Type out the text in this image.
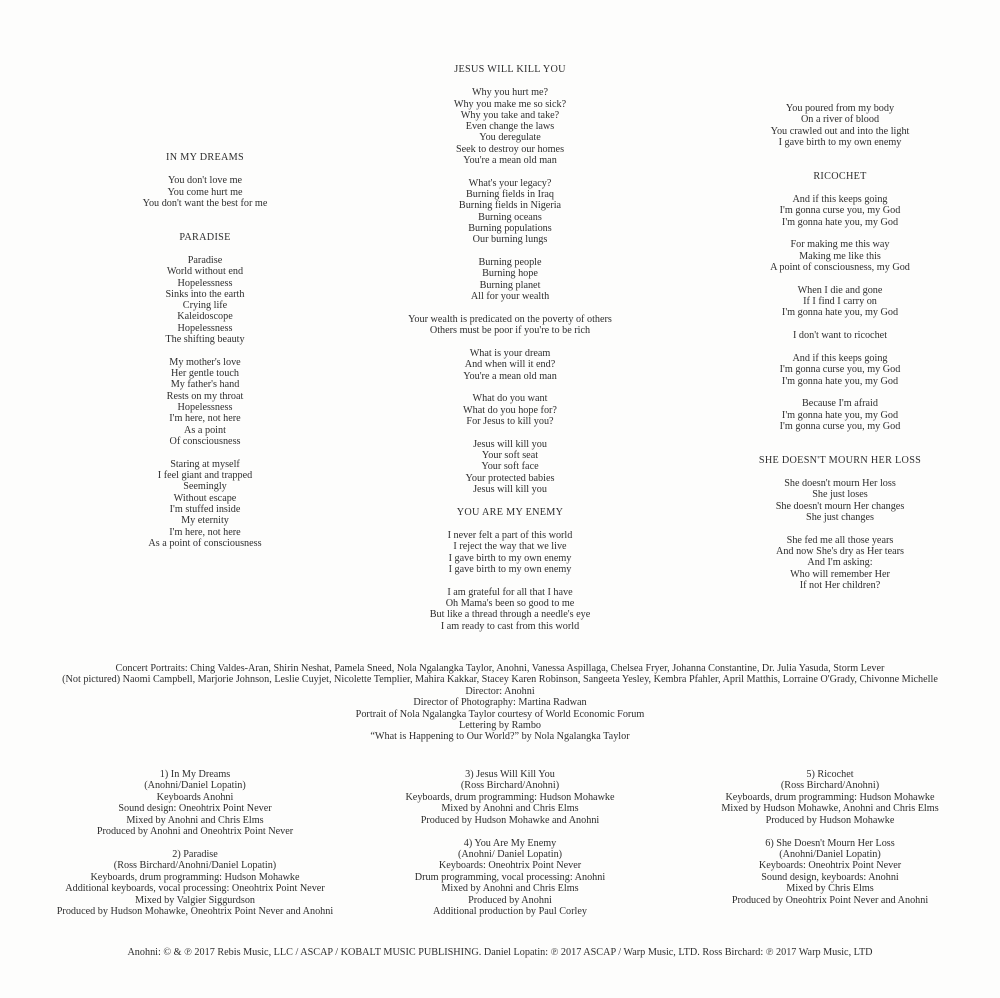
IN MY DREAMS
You don't love me
You come hurt me
You don't want the best for me
PARADISE
Paradise
World without end
Hopelessness
Sinks into the earth
Crying life
Kaleidoscope
Hopelessness
The shifting beauty
My mother's love
Her gentle touch
My father's hand
Rests on my throat
Hopelessness
I'm here, not here
As a point
Of consciousness
Staring at myself
I feel giant and trapped
Seemingly
Without escape
I'm stuffed inside
My eternity
I'm here, not here
As a point of consciousness
JESUS WILL KILL YOU
Why you hurt me?
Why you make me so sick?
Why you take and take?
Even change the laws
You deregulate
Seek to destroy our homes
You're a mean old man
What's your legacy?
Burning fields in Iraq
Burning fields in Nigeria
Burning oceans
Burning populations
Our burning lungs
Burning people
Burning hope
Burning planet
All for your wealth
Your wealth is predicated on the poverty of others
Others must be poor if you're to be rich
What is your dream
And when will it end?
You're a mean old man
What do you want
What do you hope for?
For Jesus to kill you?
Jesus will kill you
Your soft seat
Your soft face
Your protected babies
Jesus will kill you
YOU ARE MY ENEMY
I never felt a part of this world
I reject the way that we live
I gave birth to my own enemy
I gave birth to my own enemy
I am grateful for all that I have
Oh Mama's been so good to me
But like a thread through a needle's eye
I am ready to cast from this world
You poured from my body
On a river of blood
You crawled out and into the light
I gave birth to my own enemy
RICOCHET
And if this keeps going
I'm gonna curse you, my God
I'm gonna hate you, my God
For making me this way
Making me like this
A point of consciousness, my God
When I die and gone
If I find I carry on
I'm gonna hate you, my God
I don't want to ricochet
And if this keeps going
I'm gonna curse you, my God
I'm gonna hate you, my God
Because I'm afraid
I'm gonna hate you, my God
I'm gonna curse you, my God
SHE DOESN'T MOURN HER LOSS
She doesn't mourn Her loss
She just loses
She doesn't mourn Her changes
She just changes
She fed me all those years
And now She's dry as Her tears
And I'm asking:
Who will remember Her
If not Her children?
Concert Portraits: Ching Valdes-Aran, Shirin Neshat, Pamela Sneed, Nola Ngalangka Taylor, Anohni, Vanessa Aspillaga, Chelsea Fryer, Johanna Constantine, Dr. Julia Yasuda, Storm Lever
(Not pictured) Naomi Campbell, Marjorie Johnson, Leslie Cuyjet, Nicolette Templier, Mahira Kakkar, Stacey Karen Robinson, Sangeeta Yesley, Kembra Pfahler, April Matthis, Lorraine O'Grady, Chivonne Michelle
Director: Anohni
Director of Photography: Martina Radwan
Portrait of Nola Ngalangka Taylor courtesy of World Economic Forum
Lettering by Rambo
“What is Happening to Our World?” by Nola Ngalangka Taylor
1) In My Dreams
(Anohni/Daniel Lopatin)
Keyboards Anohni
Sound design: Oneohtrix Point Never
Mixed by Anohni and Chris Elms
Produced by Anohni and Oneohtrix Point Never
2) Paradise
(Ross Birchard/Anohni/Daniel Lopatin)
Keyboards, drum programming: Hudson Mohawke
Additional keyboards, vocal processing: Oneohtrix Point Never
Mixed by Valgier Siggurdson
Produced by Hudson Mohawke, Oneohtrix Point Never and Anohni
3) Jesus Will Kill You
(Ross Birchard/Anohni)
Keyboards, drum programming: Hudson Mohawke
Mixed by Anohni and Chris Elms
Produced by Hudson Mohawke and Anohni
4) You Are My Enemy
(Anohni/ Daniel Lopatin)
Keyboards: Oneohtrix Point Never
Drum programming, vocal processing: Anohni
Mixed by Anohni and Chris Elms
Produced by Anohni
Additional production by Paul Corley
5) Ricochet
(Ross Birchard/Anohni)
Keyboards, drum programming: Hudson Mohawke
Mixed by Hudson Mohawke, Anohni and Chris Elms
Produced by Hudson Mohawke
6) She Doesn't Mourn Her Loss
(Anohni/Daniel Lopatin)
Keyboards: Oneohtrix Point Never
Sound design, keyboards: Anohni
Mixed by Chris Elms
Produced by Oneohtrix Point Never and Anohni
Anohni: © & ℗ 2017 Rebis Music, LLC / ASCAP / KOBALT MUSIC PUBLISHING. Daniel Lopatin: ℗ 2017 ASCAP / Warp Music, LTD. Ross Birchard: ℗ 2017 Warp Music, LTD
